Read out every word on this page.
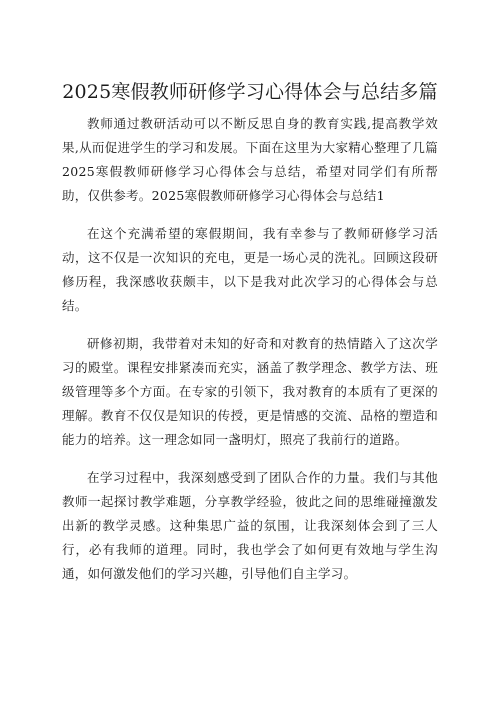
2025寒假教师研修学习心得体会与总结多篇

教师通过教研活动可以不断反思自身的教育实践,提高教学效果,从而促进学生的学习和发展。下面在这里为大家精心整理了几篇2025寒假教师研修学习心得体会与总结，希望对同学们有所帮助，仅供参考。2025寒假教师研修学习心得体会与总结1

在这个充满希望的寒假期间，我有幸参与了教师研修学习活动，这不仅是一次知识的充电，更是一场心灵的洗礼。回顾这段研修历程，我深感收获颇丰，以下是我对此次学习的心得体会与总结。

研修初期，我带着对未知的好奇和对教育的热情踏入了这次学习的殿堂。课程安排紧凑而充实，涵盖了教学理念、教学方法、班级管理等多个方面。在专家的引领下，我对教育的本质有了更深的理解。教育不仅仅是知识的传授，更是情感的交流、品格的塑造和能力的培养。这一理念如同一盏明灯，照亮了我前行的道路。

在学习过程中，我深刻感受到了团队合作的力量。我们与其他教师一起探讨教学难题，分享教学经验，彼此之间的思维碰撞激发出新的教学灵感。这种集思广益的氛围，让我深刻体会到了三人行，必有我师的道理。同时，我也学会了如何更有效地与学生沟通，如何激发他们的学习兴趣，引导他们自主学习。
